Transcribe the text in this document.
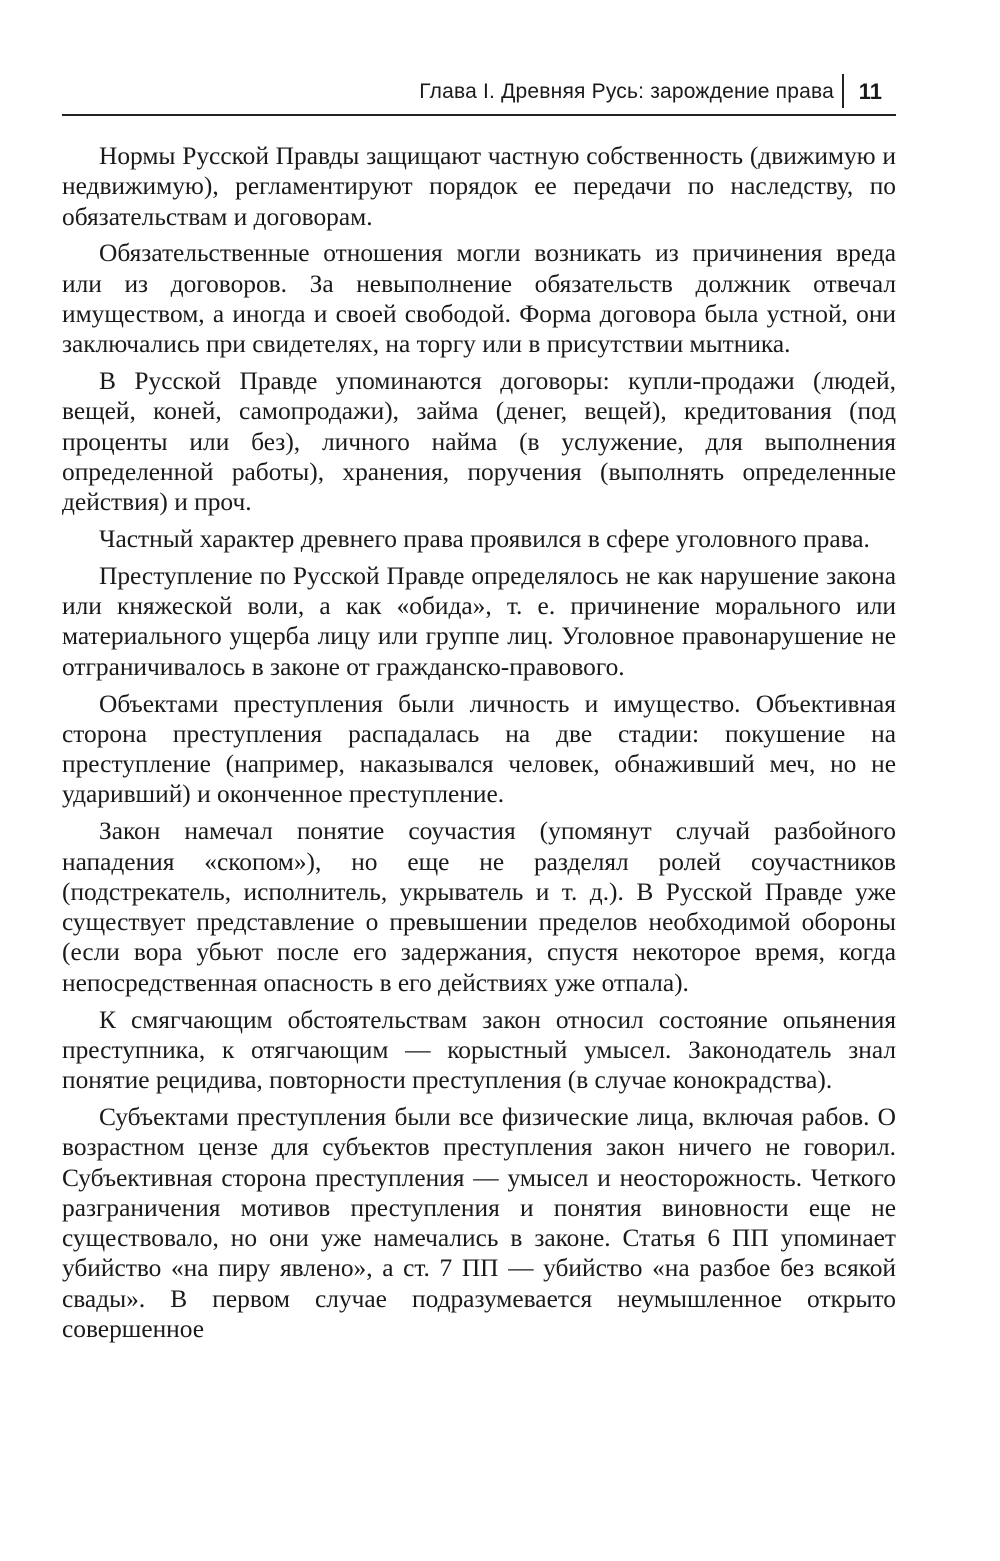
Глава I. Древняя Русь: зарождение права 11

Нормы Русской Правды защищают частную собственность (движимую и недвижимую), регламентируют порядок ее передачи по наследству, по обязательствам и договорам.

Обязательственные отношения могли возникать из причинения вреда или из договоров. За невыполнение обязательств должник отвечал имуществом, а иногда и своей свободой. Форма договора была устной, они заключались при свидетелях, на торгу или в присутствии мытника.

В Русской Правде упоминаются договоры: купли-продажи (людей, вещей, коней, самопродажи), займа (денег, вещей), кредитования (под проценты или без), личного найма (в услужение, для выполнения определенной работы), хранения, поручения (выполнять определенные действия) и проч.

Частный характер древнего права проявился в сфере уголовного права.

Преступление по Русской Правде определялось не как нарушение закона или княжеской воли, а как «обида», т. е. причинение морального или материального ущерба лицу или группе лиц. Уголовное правонарушение не отграничивалось в законе от гражданско-правового.

Объектами преступления были личность и имущество. Объективная сторона преступления распадалась на две стадии: покушение на преступление (например, наказывался человек, обнаживший меч, но не ударивший) и оконченное преступление.

Закон намечал понятие соучастия (упомянут случай разбойного нападения «скопом»), но еще не разделял ролей соучастников (подстрекатель, исполнитель, укрыватель и т. д.). В Русской Правде уже существует представление о превышении пределов необходимой обороны (если вора убьют после его задержания, спустя некоторое время, когда непосредственная опасность в его действиях уже отпала).

К смягчающим обстоятельствам закон относил состояние опьянения преступника, к отягчающим — корыстный умысел. Законодатель знал понятие рецидива, повторности преступления (в случае конокрадства).

Субъектами преступления были все физические лица, включая рабов. О возрастном цензе для субъектов преступления закон ничего не говорил. Субъективная сторона преступления — умысел и неосторожность. Четкого разграничения мотивов преступления и понятия виновности еще не существовало, но они уже намечались в законе. Статья 6 ПП упоминает убийство «на пиру явлено», а ст. 7 ПП — убийство «на разбое без всякой свады». В первом случае подразумевается неумышленное открыто совершенное
